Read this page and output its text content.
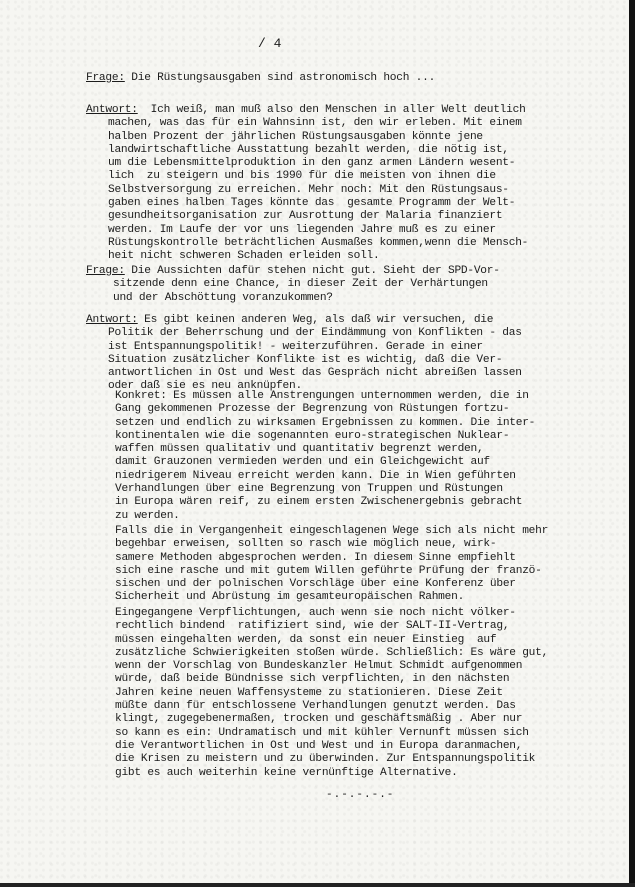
/ 4
Frage: Die Rüstungsausgaben sind astronomisch hoch ...
Antwort:  Ich weiß, man muß also den Menschen in aller Welt deutlich
machen, was das für ein Wahnsinn ist, den wir erleben. Mit einem
halben Prozent der jährlichen Rüstungsausgaben könnte jene
landwirtschaftliche Ausstattung bezahlt werden, die nötig ist,
um die Lebensmittelproduktion in den ganz armen Ländern wesent-
lich  zu steigern und bis 1990 für die meisten von ihnen die
Selbstversorgung zu erreichen. Mehr noch: Mit den Rüstungsaus-
gaben eines halben Tages könnte das  gesamte Programm der Welt-
gesundheitsorganisation zur Ausrottung der Malaria finanziert
werden. Im Laufe der vor uns liegenden Jahre muß es zu einer
Rüstungskontrolle beträchtlichen Ausmaßes kommen,wenn die Mensch-
heit nicht schweren Schaden erleiden soll.
Frage: Die Aussichten dafür stehen nicht gut. Sieht der SPD-Vor-
sitzende denn eine Chance, in dieser Zeit der Verhärtungen
und der Abschöttung voranzukommen?
Antwort: Es gibt keinen anderen Weg, als daß wir versuchen, die
Politik der Beherrschung und der Eindämmung von Konflikten - das
ist Entspannungspolitik! - weiterzuführen. Gerade in einer
Situation zusätzlicher Konflikte ist es wichtig, daß die Ver-
antwortlichen in Ost und West das Gespräch nicht abreißen lassen
oder daß sie es neu anknüpfen.
Konkret: Es müssen alle Anstrengungen unternommen werden, die in
Gang gekommenen Prozesse der Begrenzung von Rüstungen fortzu-
setzen und endlich zu wirksamen Ergebnissen zu kommen. Die inter-
kontinentalen wie die sogenannten euro-strategischen Nuklear-
waffen müssen qualitativ und quantitativ begrenzt werden,
damit Grauzonen vermieden werden und ein Gleichgewicht auf
niedrigerem Niveau erreicht werden kann. Die in Wien geführten
Verhandlungen über eine Begrenzung von Truppen und Rüstungen
in Europa wären reif, zu einem ersten Zwischenergebnis gebracht
zu werden.
Falls die in Vergangenheit eingeschlagenen Wege sich als nicht mehr
begehbar erweisen, sollten so rasch wie möglich neue, wirk-
samere Methoden abgesprochen werden. In diesem Sinne empfiehlt
sich eine rasche und mit gutem Willen geführte Prüfung der franzö-
sischen und der polnischen Vorschläge über eine Konferenz über
Sicherheit und Abrüstung im gesamteuropäischen Rahmen.
Eingegangene Verpflichtungen, auch wenn sie noch nicht völker-
rechtlich bindend  ratifiziert sind, wie der SALT-II-Vertrag,
müssen eingehalten werden, da sonst ein neuer Einstieg  auf
zusätzliche Schwierigkeiten stoßen würde. Schließlich: Es wäre gut,
wenn der Vorschlag von Bundeskanzler Helmut Schmidt aufgenommen
würde, daß beide Bündnisse sich verpflichten, in den nächsten
Jahren keine neuen Waffensysteme zu stationieren. Diese Zeit
müßte dann für entschlossene Verhandlungen genutzt werden. Das
klingt, zugegebenermaßen, trocken und geschäftsmäßig . Aber nur
so kann es ein: Undramatisch und mit kühler Vernunft müssen sich
die Verantwortlichen in Ost und West und in Europa daranmachen,
die Krisen zu meistern und zu überwinden. Zur Entspannungspolitik
gibt es auch weiterhin keine vernünftige Alternative.
-.-.-.-.-
